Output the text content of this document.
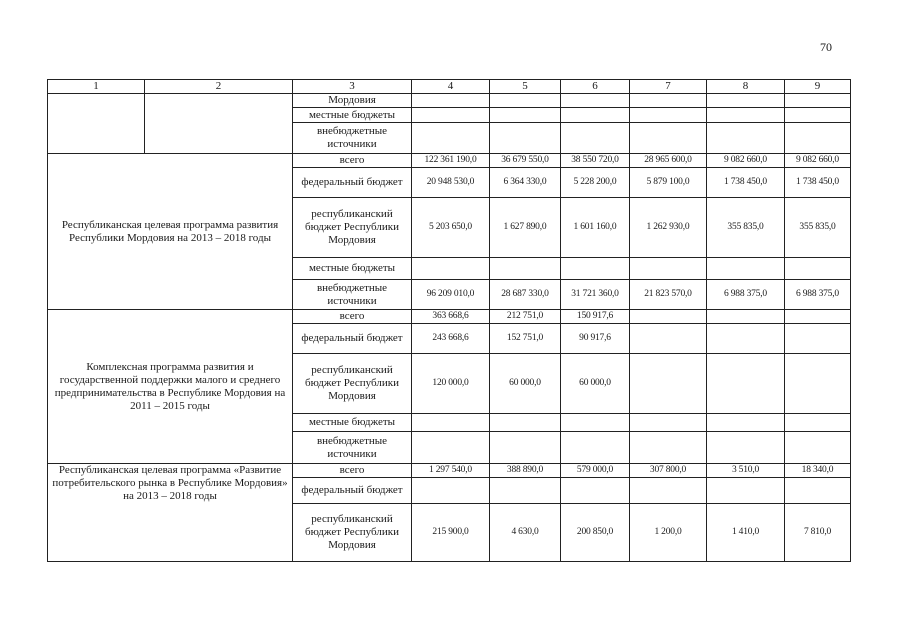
70
1	2	3	4	5	6	7	8	9
		Мордовия						
		местные бюджеты						
		внебюджетные источники						
Республиканская целевая программа развития Республики Мордовия на 2013 – 2018 годы		всего	122 361 190,0	36 679 550,0	38 550 720,0	28 965 600,0	9 082 660,0	9 082 660,0
		федеральный бюджет	20 948 530,0	6 364 330,0	5 228 200,0	5 879 100,0	1 738 450,0	1 738 450,0
		республиканский бюджет Республики Мордовия	5 203 650,0	1 627 890,0	1 601 160,0	1 262 930,0	355 835,0	355 835,0
		местные бюджеты						
		внебюджетные источники	96 209 010,0	28 687 330,0	31 721 360,0	21 823 570,0	6 988 375,0	6 988 375,0
Комплексная программа развития и государственной поддержки малого и среднего предпринимательства в Республике Мордовия на 2011 – 2015 годы		всего	363 668,6	212 751,0	150 917,6			
		федеральный бюджет	243 668,6	152 751,0	90 917,6			
		республиканский бюджет Республики Мордовия	120 000,0	60 000,0	60 000,0			
		местные бюджеты						
		внебюджетные источники						
Республиканская целевая программа «Развитие потребительского рынка в Республике Мордовия» на 2013 – 2018 годы		всего	1 297 540,0	388 890,0	579 000,0	307 800,0	3 510,0	18 340,0
		федеральный бюджет						
		республиканский бюджет Республики Мордовия	215 900,0	4 630,0	200 850,0	1 200,0	1 410,0	7 810,0
